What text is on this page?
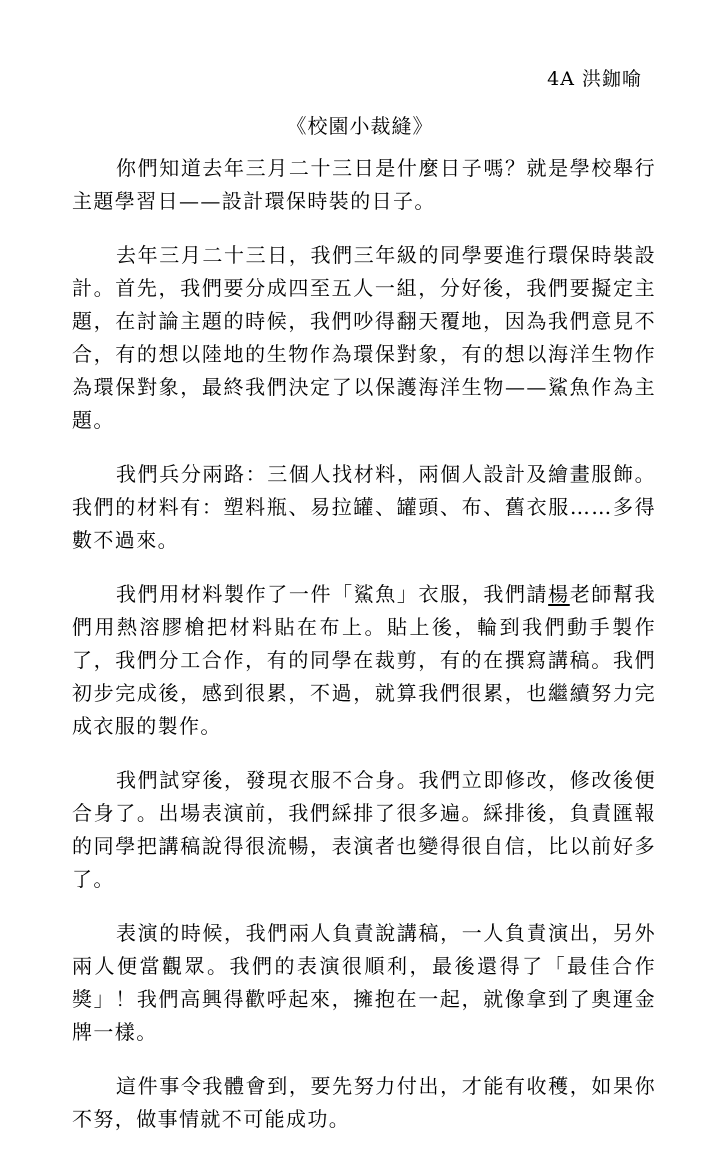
4A 洪鉫喻
《校園小裁縫》

你們知道去年三月二十三日是什麼日子嗎？就是學校舉行主題學習日——設計環保時裝的日子。

去年三月二十三日，我們三年級的同學要進行環保時裝設計。首先，我們要分成四至五人一組，分好後，我們要擬定主題，在討論主題的時候，我們吵得翻天覆地，因為我們意見不合，有的想以陸地的生物作為環保對象，有的想以海洋生物作為環保對象，最終我們決定了以保護海洋生物——鯊魚作為主題。

我們兵分兩路：三個人找材料，兩個人設計及繪畫服飾。我們的材料有：塑料瓶、易拉罐、罐頭、布、舊衣服……多得數不過來。

我們用材料製作了一件「鯊魚」衣服，我們請楊老師幫我們用熱溶膠槍把材料貼在布上。貼上後，輪到我們動手製作了，我們分工合作，有的同學在裁剪，有的在撰寫講稿。我們初步完成後，感到很累，不過，就算我們很累，也繼續努力完成衣服的製作。

我們試穿後，發現衣服不合身。我們立即修改，修改後便合身了。出場表演前，我們綵排了很多遍。綵排後，負責匯報的同學把講稿說得很流暢，表演者也變得很自信，比以前好多了。

表演的時候，我們兩人負責說講稿，一人負責演出，另外兩人便當觀眾。我們的表演很順利，最後還得了「最佳合作獎」！我們高興得歡呼起來，擁抱在一起，就像拿到了奧運金牌一樣。

這件事令我體會到，要先努力付出，才能有收穫，如果你不努，做事情就不可能成功。
